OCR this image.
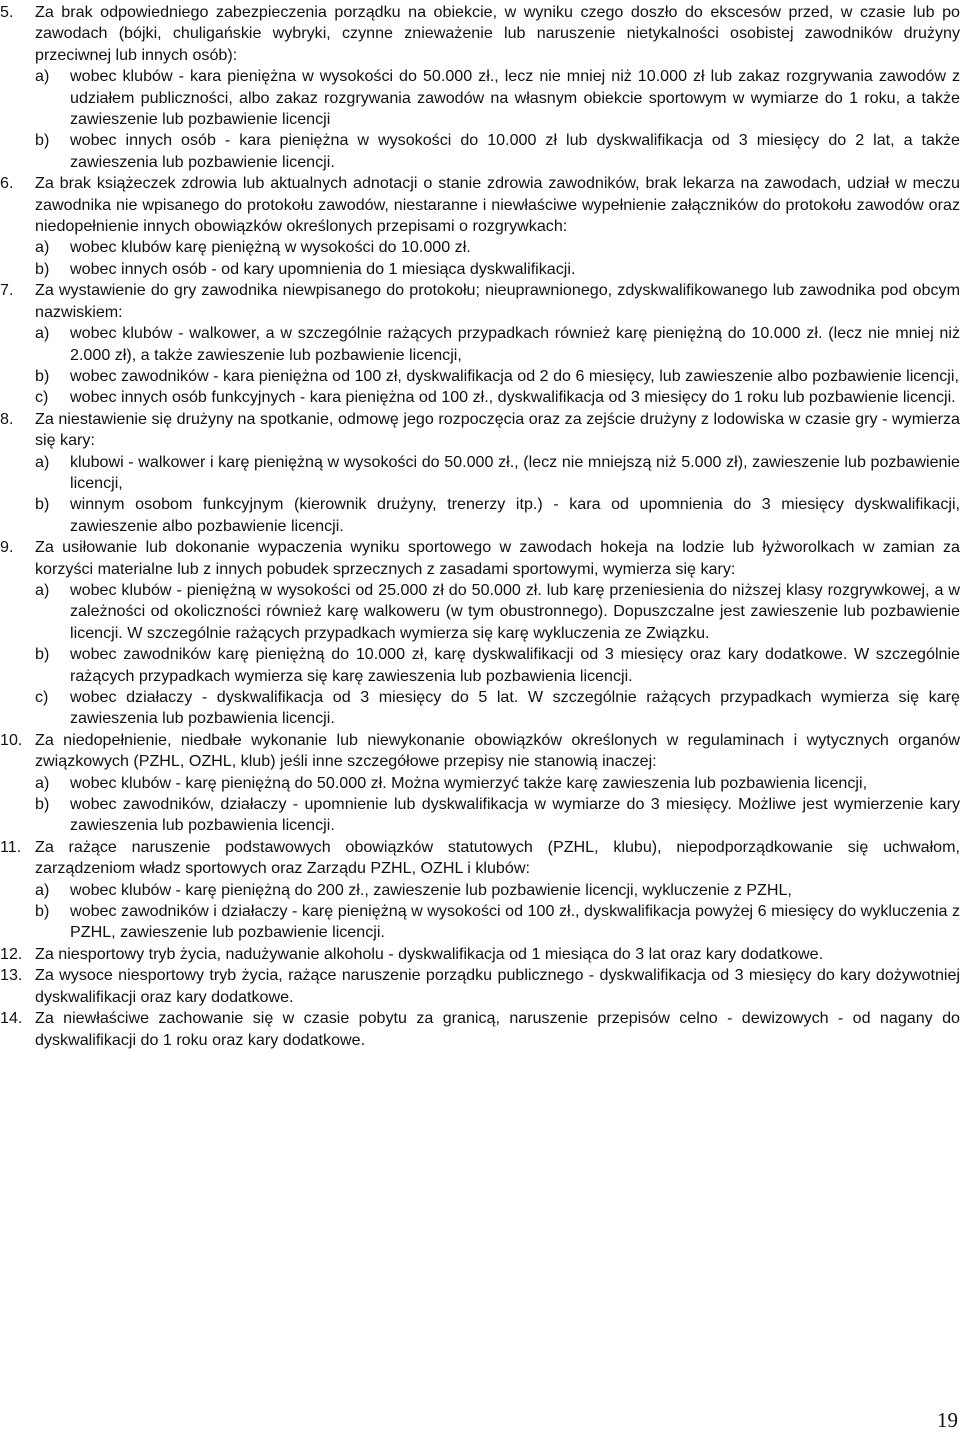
5. Za brak odpowiedniego zabezpieczenia porządku na obiekcie, w wyniku czego doszło do ekscesów przed, w czasie lub po zawodach (bójki, chuligańskie wybryki, czynne znieważenie lub naruszenie nietykalności osobistej zawodników drużyny przeciwnej lub innych osób):
a) wobec klubów - kara pieniężna w wysokości do 50.000 zł., lecz nie mniej niż 10.000 zł lub zakaz rozgrywania zawodów z udziałem publiczności, albo zakaz rozgrywania zawodów na własnym obiekcie sportowym w wymiarze do 1 roku, a także zawieszenie lub pozbawienie licencji
b) wobec innych osób - kara pieniężna w wysokości do 10.000 zł lub dyskwalifikacja od 3 miesięcy do 2 lat, a także zawieszenia lub pozbawienie licencji.
6. Za brak książeczek zdrowia lub aktualnych adnotacji o stanie zdrowia zawodników, brak lekarza na zawodach, udział w meczu zawodnika nie wpisanego do protokołu zawodów, niestaranne i niewłaściwe wypełnienie załączników do protokołu zawodów oraz niedopełnienie innych obowiązków określonych przepisami o rozgrywkach:
a) wobec klubów karę pieniężną w wysokości do 10.000 zł.
b) wobec innych osób - od kary upomnienia do 1 miesiąca dyskwalifikacji.
7. Za wystawienie do gry zawodnika niewpisanego do protokołu; nieuprawnionego, zdyskwalifikowanego lub zawodnika pod obcym nazwiskiem:
a) wobec klubów - walkower, a w szczególnie rażących przypadkach również karę pieniężną do 10.000 zł. (lecz nie mniej niż 2.000 zł), a także zawieszenie lub pozbawienie licencji,
b) wobec zawodników - kara pieniężna od 100 zł, dyskwalifikacja od 2 do 6 miesięcy, lub zawieszenie albo pozbawienie licencji,
c) wobec innych osób funkcyjnych - kara pieniężna od 100 zł., dyskwalifikacja od 3 miesięcy do 1 roku lub pozbawienie licencji.
8. Za niestawienie się drużyny na spotkanie, odmowę jego rozpoczęcia oraz za zejście drużyny z lodowiska w czasie gry - wymierza się kary:
a) klubowi - walkower i karę pieniężną w wysokości do 50.000 zł., (lecz nie mniejszą niż 5.000 zł), zawieszenie lub pozbawienie licencji,
b) winnym osobom funkcyjnym (kierownik drużyny, trenerzy itp.) - kara od upomnienia do 3 miesięcy dyskwalifikacji, zawieszenie albo pozbawienie licencji.
9. Za usiłowanie lub dokonanie wypaczenia wyniku sportowego w zawodach hokeja na lodzie lub łyżworolkach w zamian za korzyści materialne lub z innych pobudek sprzecznych z zasadami sportowymi, wymierza się kary:
a) wobec klubów - pieniężną w wysokości od 25.000 zł do 50.000 zł. lub karę przeniesienia do niższej klasy rozgrywkowej, a w zależności od okoliczności również karę walkoweru (w tym obustronnego). Dopuszczalne jest zawieszenie lub pozbawienie licencji. W szczególnie rażących przypadkach wymierza się karę wykluczenia ze Związku.
b) wobec zawodników karę pieniężną do 10.000 zł, karę dyskwalifikacji od 3 miesięcy oraz kary dodatkowe. W szczególnie rażących przypadkach wymierza się karę zawieszenia lub pozbawienia licencji.
c) wobec działaczy - dyskwalifikacja od 3 miesięcy do 5 lat. W szczególnie rażących przypadkach wymierza się karę zawieszenia lub pozbawienia licencji.
10. Za niedopełnienie, niedbałe wykonanie lub niewykonanie obowiązków określonych w regulaminach i wytycznych organów związkowych (PZHL, OZHL, klub) jeśli inne szczegółowe przepisy nie stanowią inaczej:
a) wobec klubów - karę pieniężną do 50.000 zł. Można wymierzyć także karę zawieszenia lub pozbawienia licencji,
b) wobec zawodników, działaczy - upomnienie lub dyskwalifikacja w wymiarze do 3 miesięcy. Możliwe jest wymierzenie kary zawieszenia lub pozbawienia licencji.
11. Za rażące naruszenie podstawowych obowiązków statutowych (PZHL, klubu), niepodporządkowanie się uchwałom, zarządzeniom władz sportowych oraz Zarządu PZHL, OZHL i klubów:
a) wobec klubów - karę pieniężną do 200 zł., zawieszenie lub pozbawienie licencji, wykluczenie z PZHL,
b) wobec zawodników i działaczy - karę pieniężną w wysokości od 100 zł., dyskwalifikacja powyżej 6 miesięcy do wykluczenia z PZHL, zawieszenie lub pozbawienie licencji.
12. Za niesportowy tryb życia, nadużywanie alkoholu - dyskwalifikacja od 1 miesiąca do 3 lat oraz kary dodatkowe.
13. Za wysoce niesportowy tryb życia, rażące naruszenie porządku publicznego - dyskwalifikacja od 3 miesięcy do kary dożywotniej dyskwalifikacji oraz kary dodatkowe.
14. Za niewłaściwe zachowanie się w czasie pobytu za granicą, naruszenie przepisów celno - dewizowych - od nagany do dyskwalifikacji do 1 roku oraz kary dodatkowe.
19
